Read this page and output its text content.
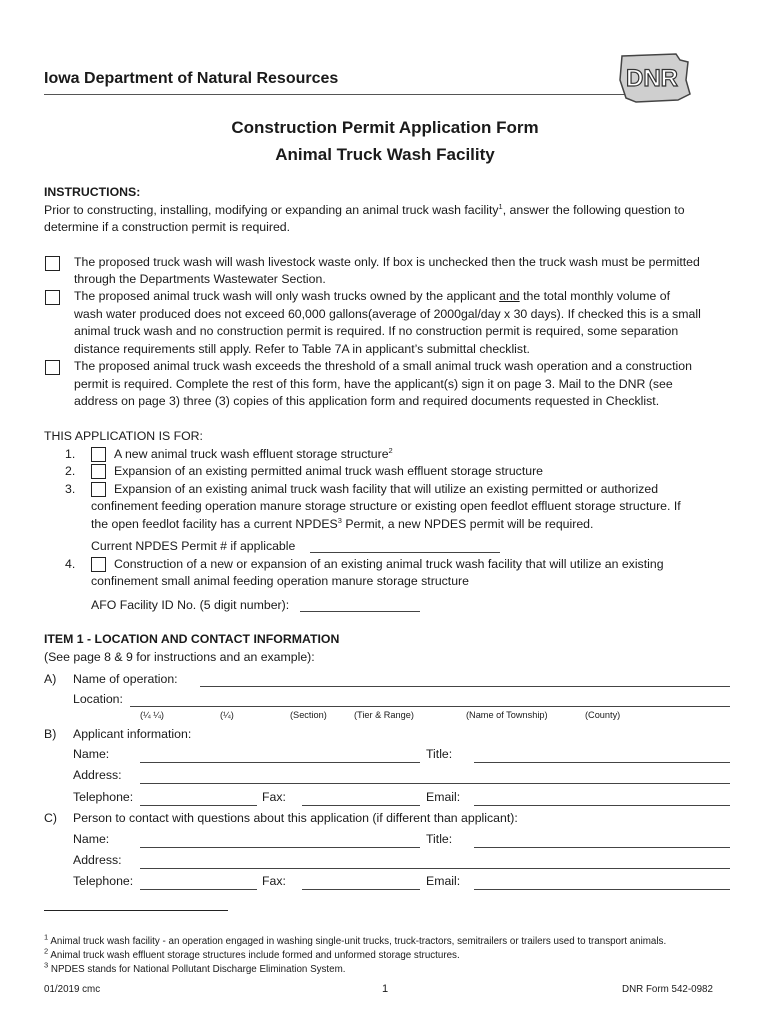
Iowa Department of Natural Resources	DNR
Construction Permit Application Form
Animal Truck Wash Facility
INSTRUCTIONS:
Prior to constructing, installing, modifying or expanding an animal truck wash facility$^1$, answer the following question to
determine if a construction permit is required.
The proposed truck wash will wash livestock waste only. If box is unchecked then the truck wash must be permitted
through the Departments Wastewater Section.
The proposed animal truck wash will only wash trucks owned by the applicant and the total monthly volume of
wash water produced does not exceed 60,000 gallons(average of 2000gal/day x 30 days). If checked this is a small
animal truck wash and no construction permit is required. If no construction permit is required, some separation
distance requirements still apply. Refer to Table 7A in applicant’s submittal checklist.
The proposed animal truck wash exceeds the threshold of a small animal truck wash operation and a construction
permit is required. Complete the rest of this form, have the applicant(s) sign it on page 3. Mail to the DNR (see
address on page 3) three (3) copies of this application form and required documents requested in Checklist.
THIS APPLICATION IS FOR:
1.	A new animal truck wash effluent storage structure$^2$
2.	Expansion of an existing permitted animal truck wash effluent storage structure
3.	Expansion of an existing animal truck wash facility that will utilize an existing permitted or authorized
confinement feeding operation manure storage structure or existing open feedlot effluent storage structure. If
the open feedlot facility has a current NPDES$^3$ Permit, a new NPDES permit will be required.
Current NPDES Permit # if applicable
4.	Construction of a new or expansion of an existing animal truck wash facility that will utilize an existing
confinement small animal feeding operation manure storage structure
AFO Facility ID No. (5 digit number):
ITEM 1 - LOCATION AND CONTACT INFORMATION
(See page 8 & 9 for instructions and an example):
A) Name of operation:
Location:
(¼ ¼)	(¼)	(Section)	(Tier & Range)	(Name of Township)	(County)
B) Applicant information:
Name:	Title:
Address:
Telephone:	Fax:	Email:
C) Person to contact with questions about this application (if different than applicant):
Name:	Title:
Address:
Telephone:	Fax:	Email:
$^1$ Animal truck wash facility - an operation engaged in washing single-unit trucks, truck-tractors, semitrailers or trailers used to transport animals.
$^2$ Animal truck wash effluent storage structures include formed and unformed storage structures.
$^3$ NPDES stands for National Pollutant Discharge Elimination System.
01/2019 cmc	1	DNR Form 542-0982
